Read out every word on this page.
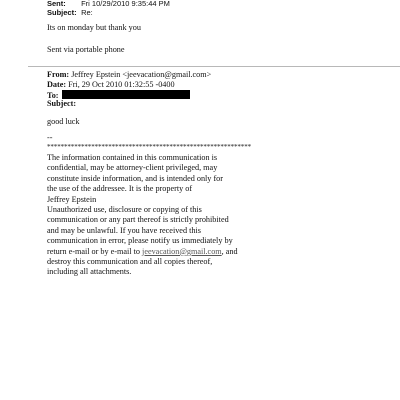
Sent: Fri 10/29/2010 9:35:44 PM
Subject: Re:
Its on monday but thank you
Sent via portable phone
From: Jeffrey Epstein <jeevacation@gmail.com>
Date: Fri, 29 Oct 2010 01:32:55 -0400
To:
Subject:
good luck
--
************************************************************
The information contained in this communication is
confidential, may be attorney-client privileged, may
constitute inside information, and is intended only for
the use of the addressee. It is the property of
Jeffrey Epstein
Unauthorized use, disclosure or copying of this
communication or any part thereof is strictly prohibited
and may be unlawful. If you have received this
communication in error, please notify us immediately by
return e-mail or by e-mail to jeevacation@gmail.com, and
destroy this communication and all copies thereof,
including all attachments.
